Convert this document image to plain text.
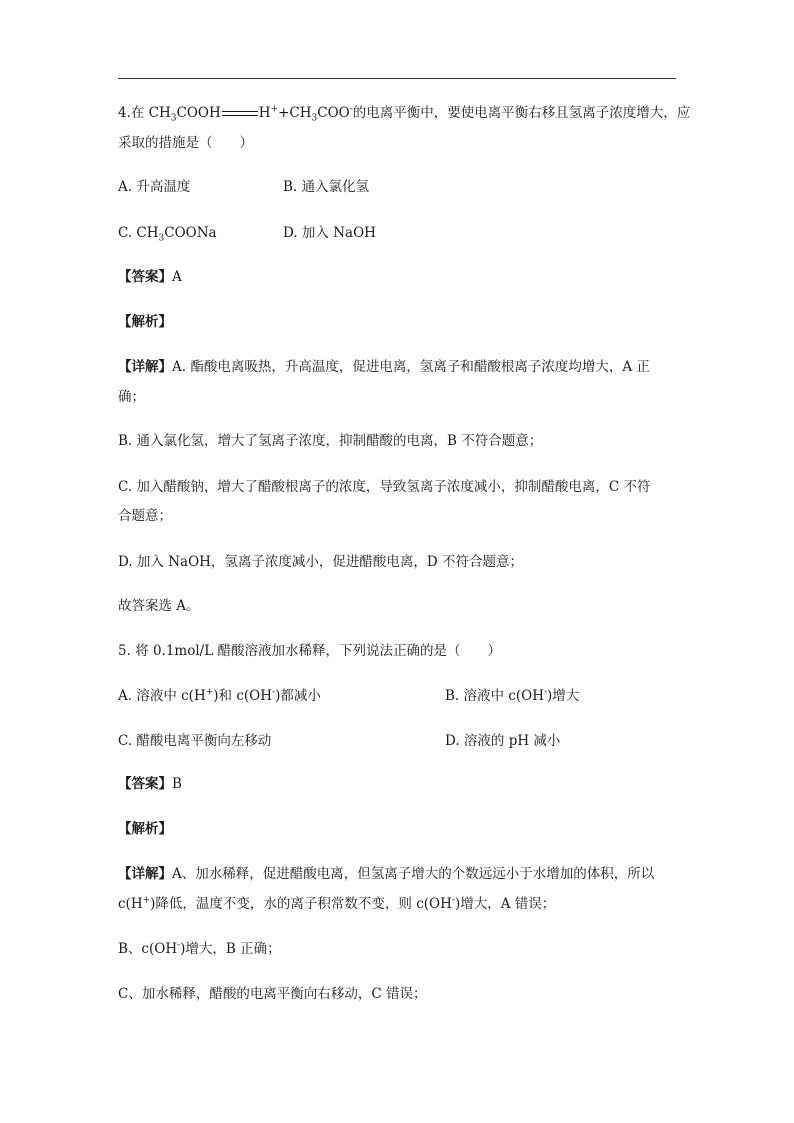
4.在 $CH_3COOH$	$H^++CH_3COO^-$的电离平衡中，要使电离平衡右移且氢离子浓度增大，应
采取的措施是（　　）
A. 升高温度	B. 通入氯化氢
C. $CH_3COONa$	D. 加入 NaOH
【答案】A
【解析】
【详解】A. 酯酸电离吸热，升高温度，促进电离，氢离子和醋酸根离子浓度均增大，A 正
确；
B. 通入氯化氢，增大了氢离子浓度，抑制醋酸的电离，B 不符合题意；
C. 加入醋酸钠，增大了醋酸根离子的浓度，导致氢离子浓度减小，抑制醋酸电离，C 不符
合题意；
D. 加入 NaOH，氢离子浓度减小，促进醋酸电离，D 不符合题意；
故答案选 A。
5. 将 0.1mol/L 醋酸溶液加水稀释，下列说法正确的是（　　）
A. 溶液中 c(H+)和 c(OH-)都减小	B. 溶液中 c(OH-)增大
C. 醋酸电离平衡向左移动	D. 溶液的 pH 减小
【答案】B
【解析】
【详解】A、加水稀释，促进醋酸电离，但氢离子增大的个数远远小于水增加的体积，所以
c(H+)降低，温度不变，水的离子积常数不变，则 c(OH-)增大，A 错误；
B、c(OH-)增大，B 正确；
C、加水稀释，醋酸的电离平衡向右移动，C 错误；
